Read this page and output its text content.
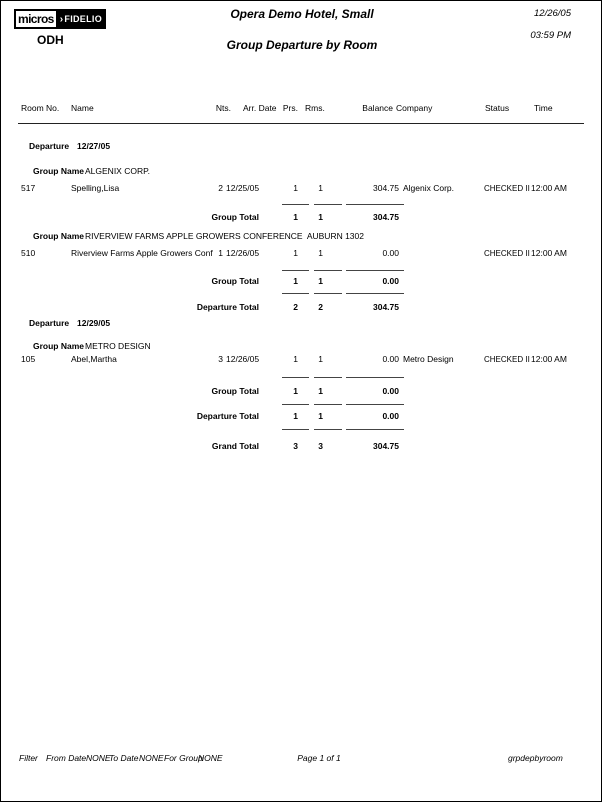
micros › FIDELIO
ODH
Opera Demo Hotel, Small
Group Departure by Room
12/26/05
03:59 PM
Room No. Name	Nts. Arr. Date Prs. Rms.	Balance Company	Status	Time
Departure 12/27/05
Group Name ALGENIX CORP.
517	Spelling,Lisa	2 12/25/05	1	1	304.75 Algenix Corp.	CHECKED II 12:00 AM
Group Total	1	1	304.75
Group Name RIVERVIEW FARMS APPLE GROWERS CONFERENCE  AUBURN 1302
510	Riverview Farms Apple Growers Conf 1 12/26/05	1	1	0.00	CHECKED II 12:00 AM
Group Total	1	1	0.00
Departure Total	2	2	304.75
Departure 12/29/05
Group Name METRO DESIGN
105	Abel,Martha	3 12/26/05	1	1	0.00 Metro Design	CHECKED II 12:00 AM
Group Total	1	1	0.00
Departure Total	1	1	0.00
Grand Total	3	3	304.75
Filter From Date NONE
To Date NONE For Group
NONE	Page 1 of 1	grpdepbyroom
